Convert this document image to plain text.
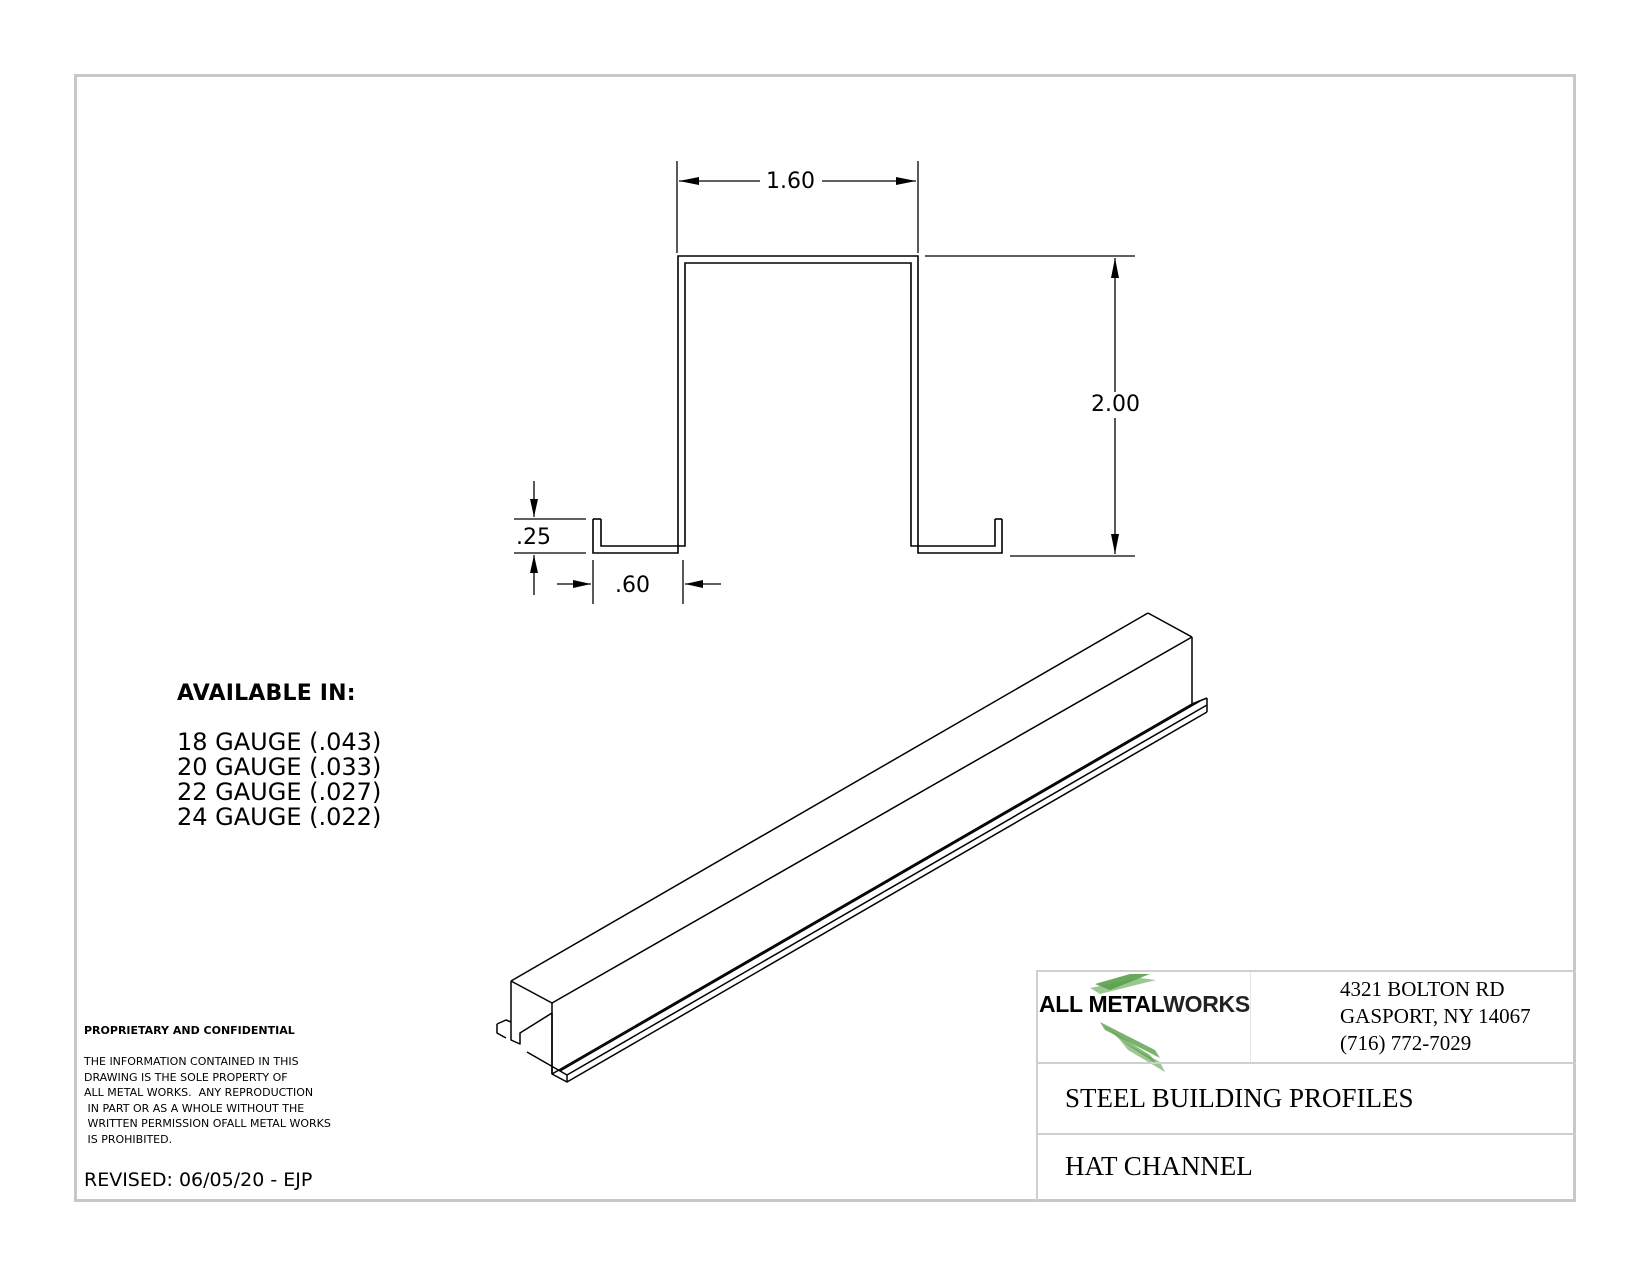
1.60
2.00
.25
.60
AVAILABLE IN:
18 GAUGE (.043)
20 GAUGE (.033)
22 GAUGE (.027)
24 GAUGE (.022)
PROPRIETARY AND CONFIDENTIAL
THE INFORMATION CONTAINED IN THIS
DRAWING IS THE SOLE PROPERTY OF
ALL METAL WORKS.  ANY REPRODUCTION
IN PART OR AS A WHOLE WITHOUT THE
WRITTEN PERMISSION OFALL METAL WORKS
IS PROHIBITED.
REVISED: 06/05/20 - EJP
ALL METALWORKS
4321 BOLTON RD
GASPORT, NY 14067
(716) 772-7029
STEEL BUILDING PROFILES
HAT CHANNEL
